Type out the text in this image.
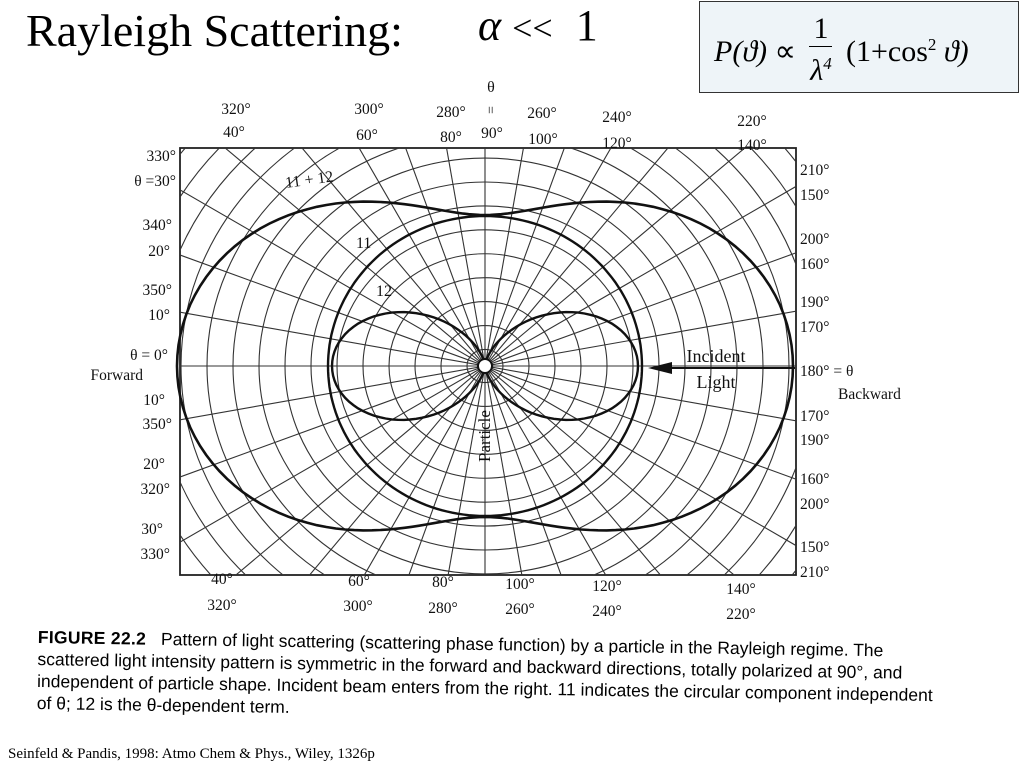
Rayleigh Scattering: α << 1
$P(ϑ) \propto \frac{1}{\lambda^4} (1+\cos^2$ ϑ)
320°
40°
300°
60°
280°
80°
260°
100°
240°
120°
220°
140°
θ
=
90°
40°
320°
60°
300°
80°
280°
100°
260°
120°
240°
140°
220°
330°
θ =30°
340°
20°
350°
10°
θ = 0°
Forward
10°
350°
20°
320°
30°
330°
210°
150°
200°
160°
190°
170°
180° = θ
Backward
170°
190°
160°
200°
150°
210°
11 + 12
11
12
Incident
Light
Particle
FIGURE 22.2 Pattern of light scattering (scattering phase function) by a particle in the Rayleigh regime. The scattered light intensity pattern is symmetric in the forward and backward directions, totally polarized at 90°, and independent of particle shape. Incident beam enters from the right. 11 indicates the circular component independent of θ; 12 is the θ-dependent term.
Seinfeld & Pandis, 1998: Atmo Chem & Phys., Wiley, 1326p
